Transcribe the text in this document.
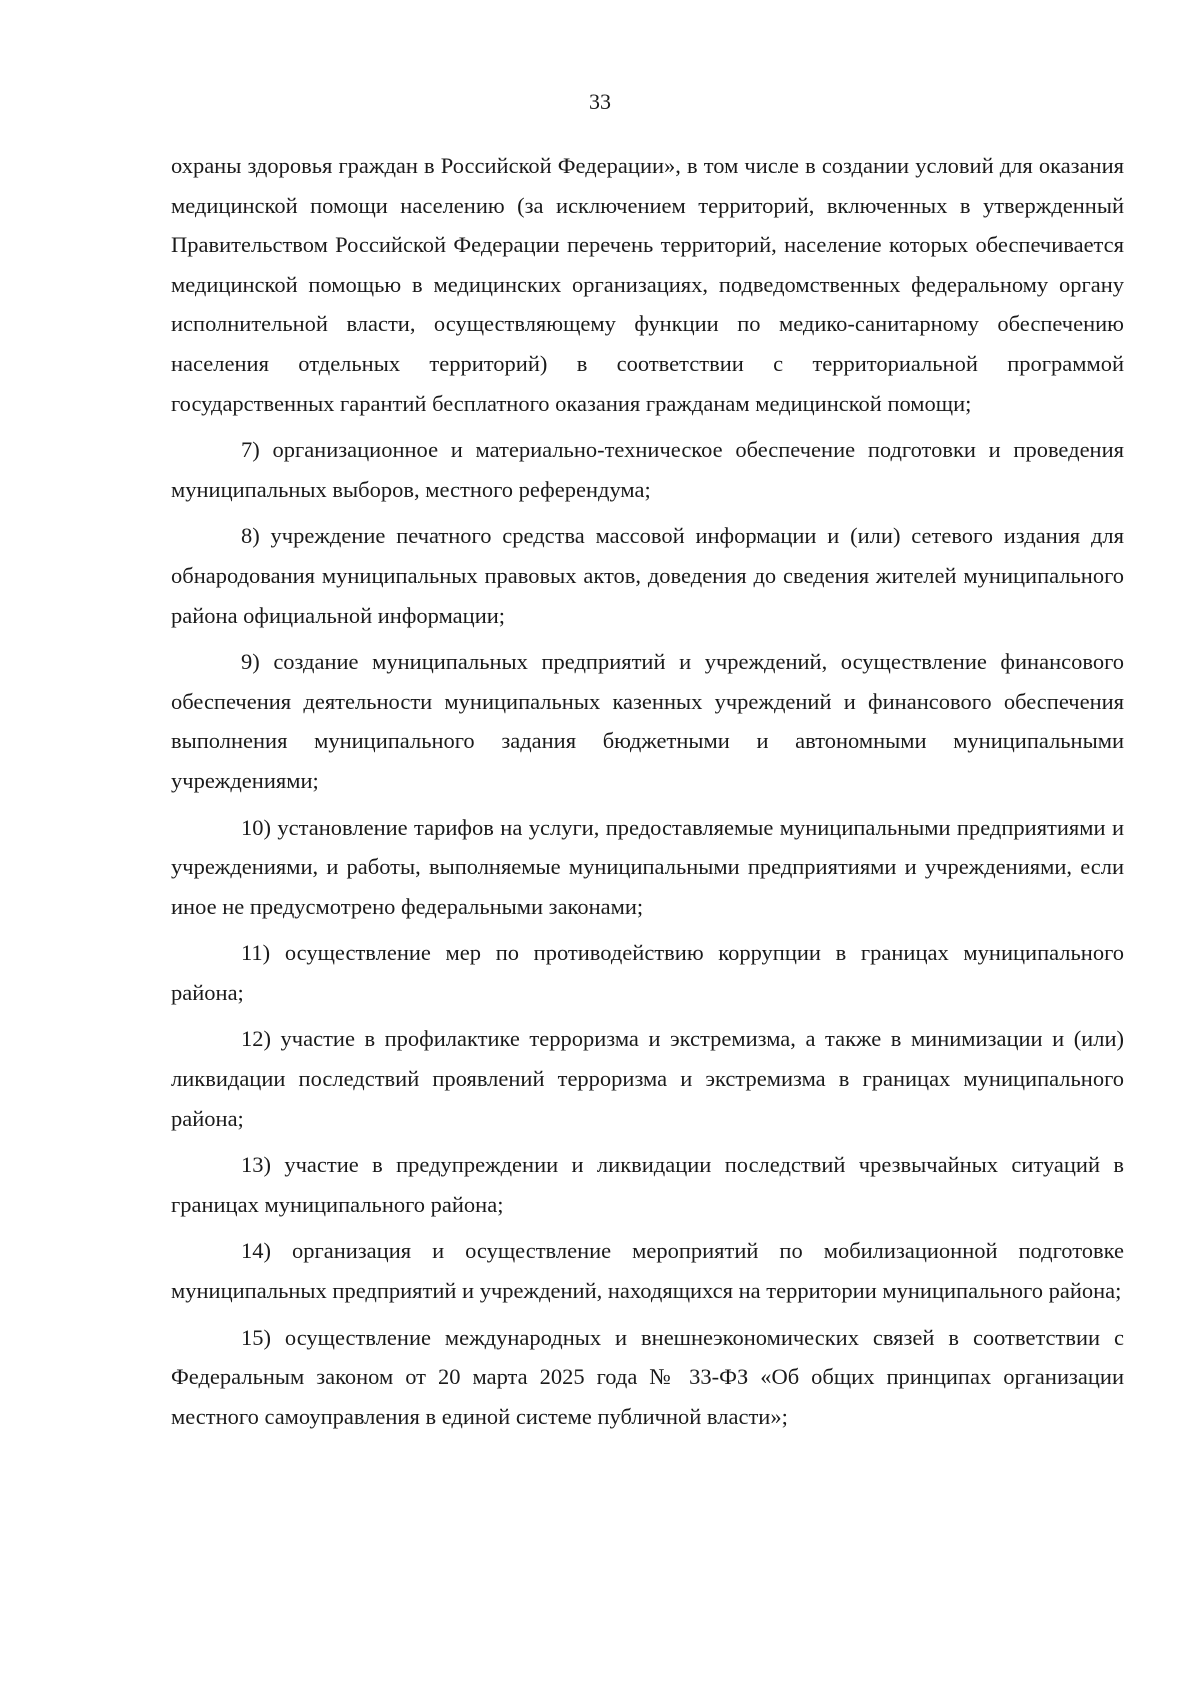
33

охраны здоровья граждан в Российской Федерации», в том числе в создании условий для оказания медицинской помощи населению (за исключением территорий, включенных в утвержденный Правительством Российской Федерации перечень территорий, население которых обеспечивается медицинской помощью в медицинских организациях, подведомственных федеральному органу исполнительной власти, осуществляющему функции по медико-санитарному обеспечению населения отдельных территорий) в соответствии с территориальной программой государственных гарантий бесплатного оказания гражданам медицинской помощи;

7) организационное и материально-техническое обеспечение подготовки и проведения муниципальных выборов, местного референдума;

8) учреждение печатного средства массовой информации и (или) сетевого издания для обнародования муниципальных правовых актов, доведения до сведения жителей муниципального района официальной информации;

9) создание муниципальных предприятий и учреждений, осуществление финансового обеспечения деятельности муниципальных казенных учреждений и финансового обеспечения выполнения муниципального задания бюджетными и автономными муниципальными учреждениями;

10) установление тарифов на услуги, предоставляемые муниципальными предприятиями и учреждениями, и работы, выполняемые муниципальными предприятиями и учреждениями, если иное не предусмотрено федеральными законами;

11) осуществление мер по противодействию коррупции в границах муниципального района;

12) участие в профилактике терроризма и экстремизма, а также в минимизации и (или) ликвидации последствий проявлений терроризма и экстремизма в границах муниципального района;

13) участие в предупреждении и ликвидации последствий чрезвычайных ситуаций в границах муниципального района;

14) организация и осуществление мероприятий по мобилизационной подготовке муниципальных предприятий и учреждений, находящихся на территории муниципального района;

15) осуществление международных и внешнеэкономических связей в соответствии с Федеральным законом от 20 марта 2025 года № 33-ФЗ «Об общих принципах организации местного самоуправления в единой системе публичной власти»;
